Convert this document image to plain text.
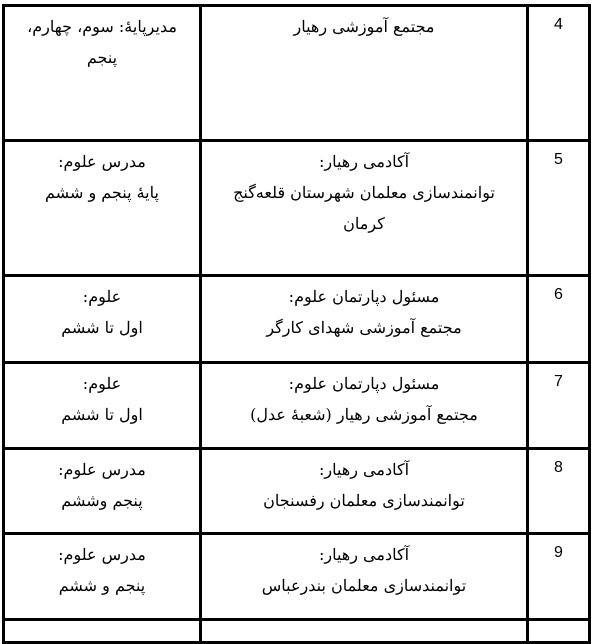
4	مجتمع آموزشی رهیار	مدیرپایهٔ: سوم، چهارم،
پنجم

5	آکادمی رهیار:
توانمندسازی معلمان شهرستان قلعه‌گنج
کرمان	مدرس علوم:
پایهٔ پنجم و ششم

6	مسئول دپارتمان علوم:
مجتمع آموزشی شهدای کارگر	علوم:
اول تا ششم

7	مسئول دپارتمان علوم:
مجتمع آموزشی رهیار (شعبهٔ عدل)	علوم:
اول تا ششم

8	آکادمی رهیار:
توانمندسازی معلمان رفسنجان	مدرس علوم:
پنجم وششم

9	آکادمی رهیار:
توانمندسازی معلمان بندرعباس	مدرس علوم:
پنجم و ششم
